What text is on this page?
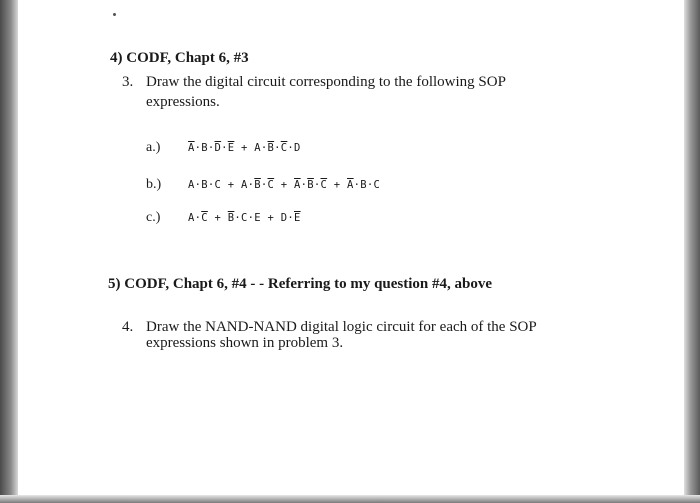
4) CODF, Chapt 6, #3
3. Draw the digital circuit corresponding to the following SOP
expressions.
a.)	$\overline{A}\cdot B\cdot\overline{D}\cdot\overline{E} + A\cdot\overline{B}\cdot\overline{C}\cdot D$
b.)	$A\cdot B\cdot C + A\cdot\overline{B}\cdot\overline{C} + \overline{A}\cdot\overline{B}\cdot\overline{C} + \overline{A}\cdot B\cdot C$
c.)	$A\cdot\overline{C} + \overline{B}\cdot C\cdot E + D\cdot\overline{E}$
5) CODF, Chapt 6, #4 - - Referring to my question #4, above
4. Draw the NAND-NAND digital logic circuit for each of the SOP
expressions shown in problem 3.
